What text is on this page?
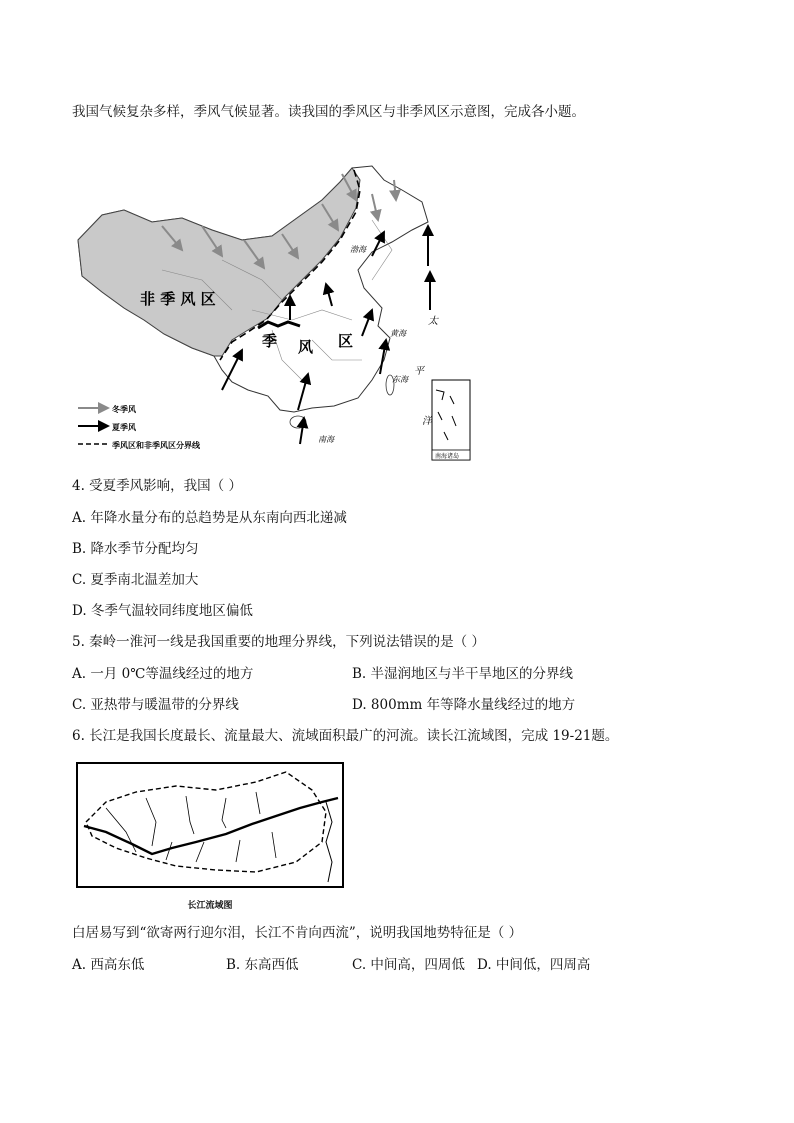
我国气候复杂多样，季风气候显著。读我国的季风区与非季风区示意图，完成各小题。
非 季 风 区
季 风 区
渤海
黄海
东海
南海
太
平
洋
南海诸岛
冬季风
夏季风
季风区和非季风区分界线
4. 受夏季风影响，我国（ ）
A. 年降水量分布的总趋势是从东南向西北递减
B. 降水季节分配均匀
C. 夏季南北温差加大
D. 冬季气温较同纬度地区偏低
5. 秦岭一淮河一线是我国重要的地理分界线，下列说法错误的是（ ）
A. 一月 0℃等温线经过的地方	B. 半湿润地区与半干旱地区的分界线
C. 亚热带与暖温带的分界线	D. 800mm 年等降水量线经过的地方
6. 长江是我国长度最长、流量最大、流域面积最广的河流。读长江流域图，完成 19-21题。
长江流域图
白居易写到“欲寄两行迎尔泪，长江不肯向西流”，说明我国地势特征是（ ）
A. 西高东低	B. 东高西低	C. 中间高，四周低 D. 中间低，四周高
